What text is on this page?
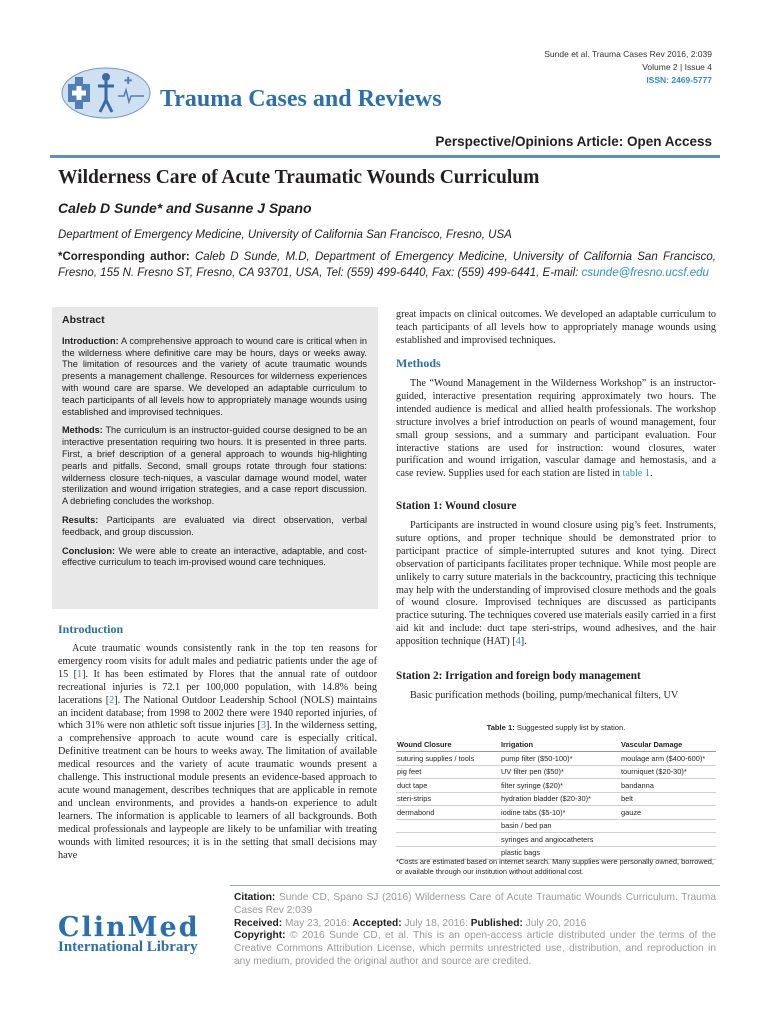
Sunde et al. Trauma Cases Rev 2016, 2:039
Volume 2 | Issue 4
ISSN: 2469-5777
✚
Trauma Cases and Reviews
Perspective/Opinions Article: Open Access
Wilderness Care of Acute Traumatic Wounds Curriculum
Caleb D Sunde* and Susanne J Spano
Department of Emergency Medicine, University of California San Francisco, Fresno, USA
*Corresponding author: Caleb D Sunde, M.D, Department of Emergency Medicine, University of California San Francisco, Fresno, 155 N. Fresno ST, Fresno, CA 93701, USA, Tel: (559) 499-6440, Fax: (559) 499-6441, E-mail: csunde@fresno.ucsf.edu
Abstract

Introduction: A comprehensive approach to wound care is critical when in the wilderness where definitive care may be hours, days or weeks away. The limitation of resources and the variety of acute traumatic wounds presents a management challenge. Resources for wilderness experiences with wound care are sparse. We developed an adaptable curriculum to teach participants of all levels how to appropriately manage wounds using established and improvised techniques.

Methods: The curriculum is an instructor-guided course designed to be an interactive presentation requiring two hours. It is presented in three parts. First, a brief description of a general approach to wounds hig-hlighting pearls and pitfalls. Second, small groups rotate through four stations: wilderness closure tech-niques, a vascular damage wound model, water sterilization and wound irrigation strategies, and a case report discussion. A debriefing concludes the workshop.

Results: Participants are evaluated via direct observation, verbal feedback, and group discussion.

Conclusion: We were able to create an interactive, adaptable, and cost-effective curriculum to teach im-provised wound care techniques.

Introduction

Acute traumatic wounds consistently rank in the top ten reasons for emergency room visits for adult males and pediatric patients under the age of 15 [1]. It has been estimated by Flores that the annual rate of outdoor recreational injuries is 72.1 per 100,000 population, with 14.8% being lacerations [2]. The National Outdoor Leadership School (NOLS) maintains an incident database; from 1998 to 2002 there were 1940 reported injuries, of which 31% were non athletic soft tissue injuries [3]. In the wilderness setting, a comprehensive approach to acute wound care is especially critical. Definitive treatment can be hours to weeks away. The limitation of available medical resources and the variety of acute traumatic wounds present a challenge. This instructional module presents an evidence-based approach to acute wound management, describes techniques that are applicable in remote and unclean environments, and provides a hands-on experience to adult learners. The information is applicable to learners of all backgrounds. Both medical professionals and laypeople are likely to be unfamiliar with treating wounds with limited resources; it is in the setting that small decisions may have

great impacts on clinical outcomes. We developed an adaptable curriculum to teach participants of all levels how to appropriately manage wounds using established and improvised techniques.

Methods

The “Wound Management in the Wilderness Workshop” is an instructor-guided, interactive presentation requiring approximately two hours. The intended audience is medical and allied health professionals. The workshop structure involves a brief introduction on pearls of wound management, four small group sessions, and a summary and participant evaluation. Four interactive stations are used for instruction: wound closures, water purification and wound irrigation, vascular damage and hemostasis, and a case review. Supplies used for each station are listed in table 1.

Station 1: Wound closure

Participants are instructed in wound closure using pig’s feet. Instruments, suture options, and proper technique should be demonstrated prior to participant practice of simple-interrupted sutures and knot tying. Direct observation of participants facilitates proper technique. While most people are unlikely to carry suture materials in the backcountry, practicing this technique may help with the understanding of improvised closure methods and the goals of wound closure. Improvised techniques are discussed as participants practice suturing. The techniques covered use materials easily carried in a first aid kit and include: duct tape steri-strips, wound adhesives, and the hair apposition technique (HAT) [4].

Station 2: Irrigation and foreign body management

Basic purification methods (boiling, pump/mechanical filters, UV

Table 1: Suggested supply list by station.
Wound Closure	Irrigation	Vascular Damage
suturing supplies / tools	pump filter ($50-100)*	moulage arm ($400-600)*
pig feet	UV filter pen ($50)*	tourniquet ($20-30)*
duct tape	filter syringe ($20)*	bandanna
steri-strips	hydration bladder ($20-30)*	belt
dermabond	iodine tabs ($5-10)*	gauze
	basin / bed pan	
	syringes and angiocatheters	
	plastic bags	
*Costs are estimated based on internet search. Many supplies were personally owned, borrowed, or available through our institution without additional cost.
ClinMed
International Library

Citation: Sunde CD, Spano SJ (2016) Wilderness Care of Acute Traumatic Wounds Curriculum. Trauma Cases Rev 2:039

Received: May 23, 2016: Accepted: July 18, 2016: Published: July 20, 2016

Copyright: © 2016 Sunde CD, et al. This is an open-access article distributed under the terms of the Creative Commons Attribution License, which permits unrestricted use, distribution, and reproduction in any medium, provided the original author and source are credited.
